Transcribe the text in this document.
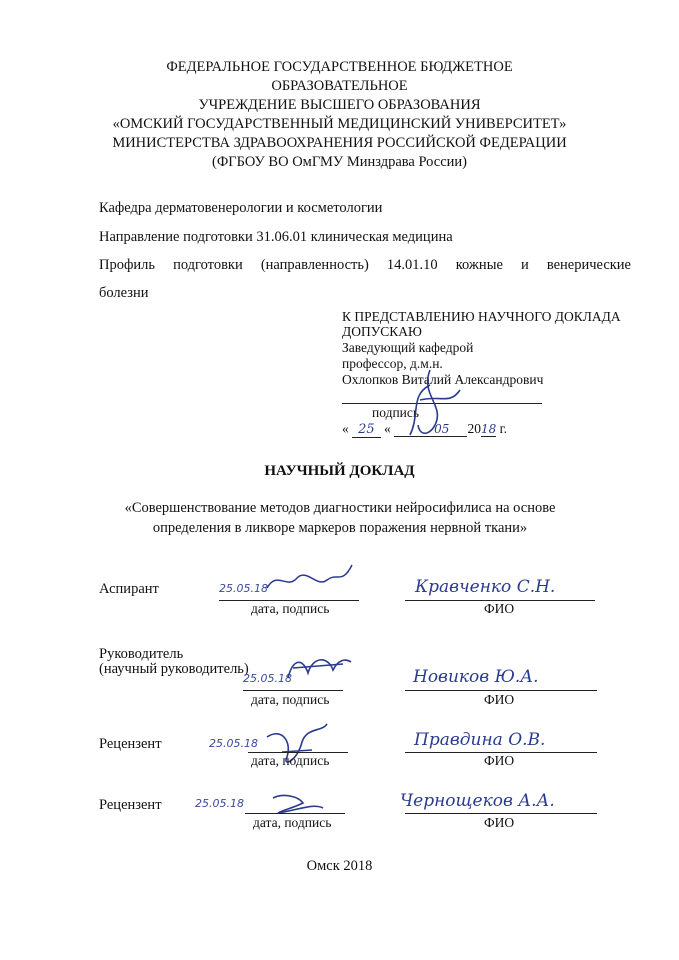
ФЕДЕРАЛЬНОЕ ГОСУДАРСТВЕННОЕ БЮДЖЕТНОЕ
ОБРАЗОВАТЕЛЬНОЕ
УЧРЕЖДЕНИЕ ВЫСШЕГО ОБРАЗОВАНИЯ
«ОМСКИЙ ГОСУДАРСТВЕННЫЙ МЕДИЦИНСКИЙ УНИВЕРСИТЕТ»
МИНИСТЕРСТВА ЗДРАВООХРАНЕНИЯ РОССИЙСКОЙ ФЕДЕРАЦИИ
(ФГБОУ ВО ОмГМУ Минздрава России)
Кафедра дерматовенерологии и косметологии
Направление подготовки 31.06.01 клиническая медицина
Профиль подготовки (направленность) 14.01.10 кожные и венерические
болезни
К ПРЕДСТАВЛЕНИЮ НАУЧНОГО ДОКЛАДА
ДОПУСКАЮ
Заведующий кафедрой
профессор, д.м.н.
Охлопков Виталий Александрович
подпись
« 25 «	05 2018 г.
НАУЧНЫЙ ДОКЛАД
«Совершенствование методов диагностики нейросифилиса на основе
определения в ликворе маркеров поражения нервной ткани»
Аспирант	25.05.18
дата, подпись
Кравченко С.Н.
ФИО
Руководитель
(научный руководитель)
25.05.18
дата, подпись
Новиков Ю.А.
ФИО
Рецензент	25.05.18
дата, подпись
Правдина О.В.
ФИО
Рецензент	25.05.18
дата, подпись
Чернощеков А.А.
ФИО
Омск 2018
